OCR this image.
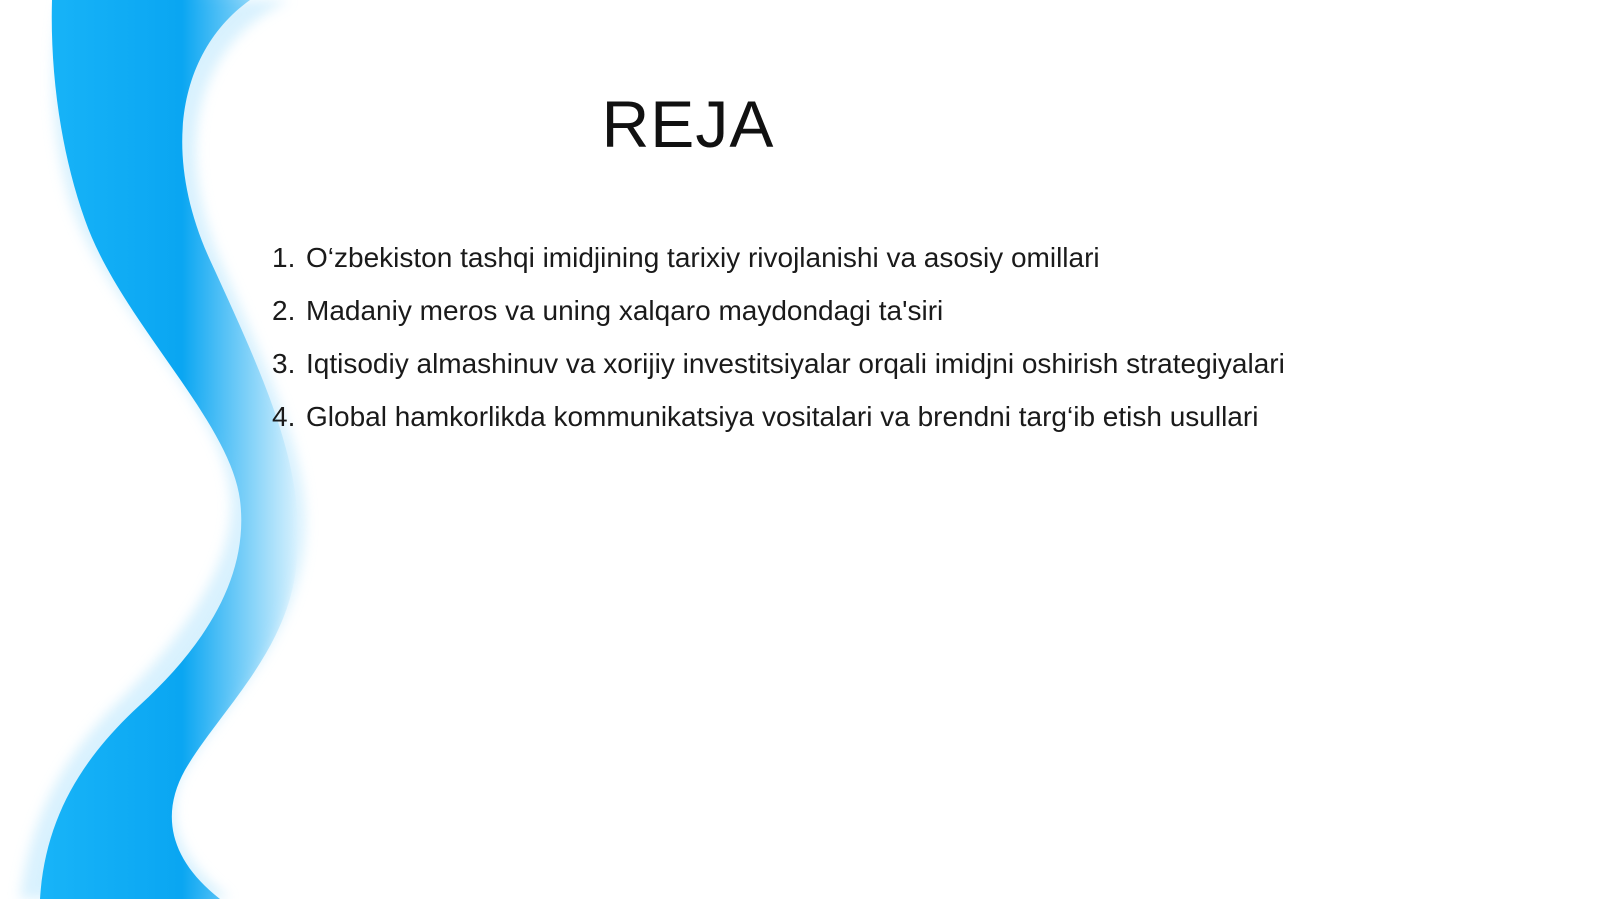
REJA
1. O‘zbekiston tashqi imidjining tarixiy rivojlanishi va asosiy omillari
2. Madaniy meros va uning xalqaro maydondagi ta'siri
3. Iqtisodiy almashinuv va xorijiy investitsiyalar orqali imidjni oshirish strategiyalari
4. Global hamkorlikda kommunikatsiya vositalari va brendni targ‘ib etish usullari
